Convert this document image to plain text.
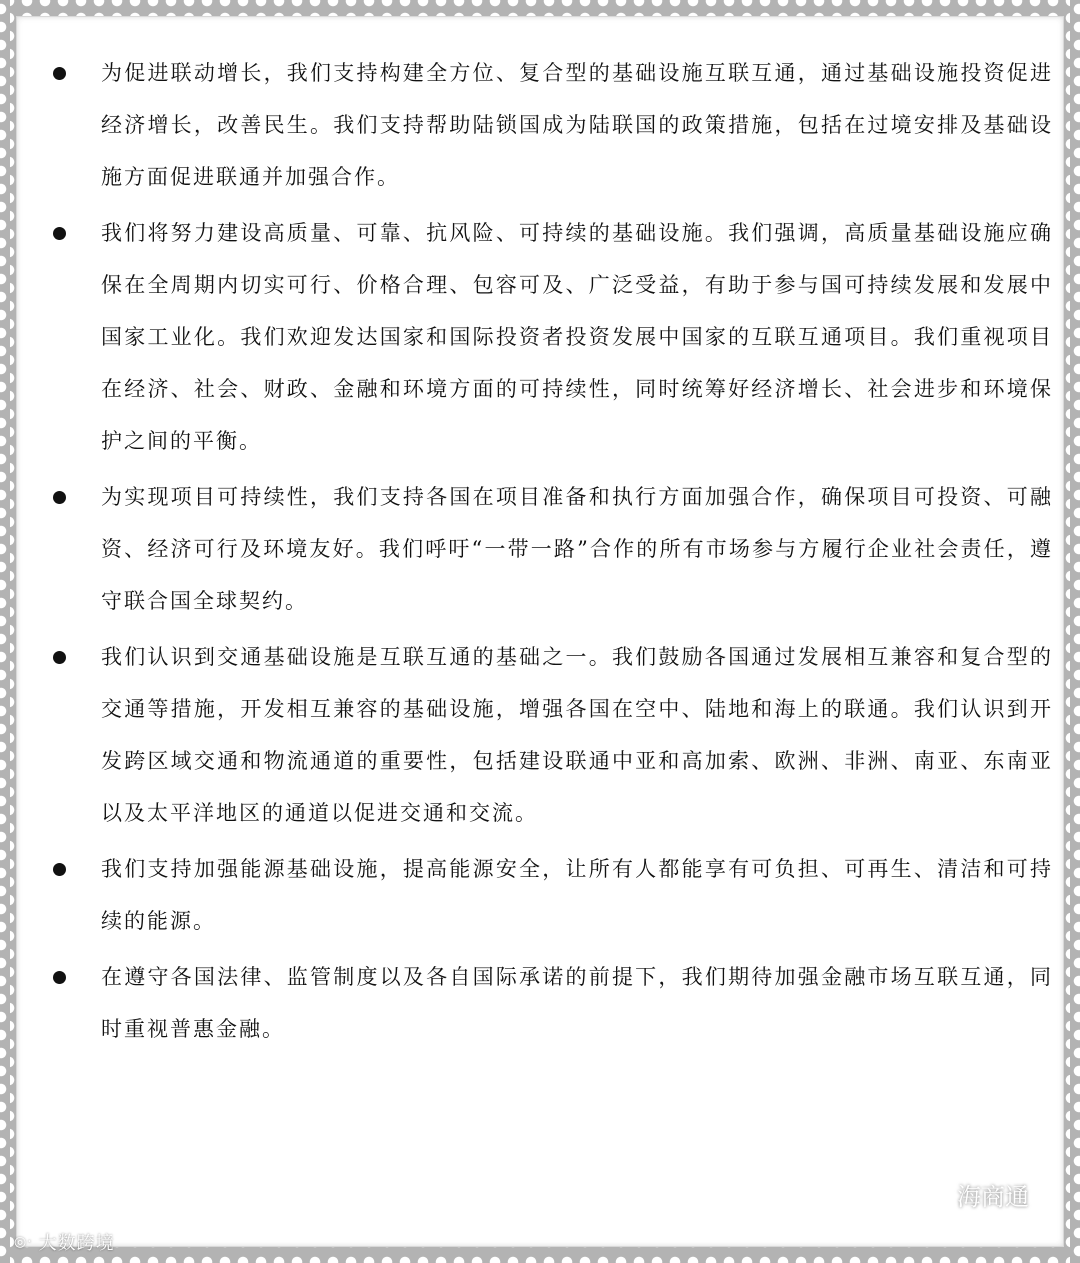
为促进联动增长，我们支持构建全方位、复合型的基础设施互联互通，通过基础设施投资促进经济增长，改善民生。我们支持帮助陆锁国成为陆联国的政策措施，包括在过境安排及基础设施方面促进联通并加强合作。
我们将努力建设高质量、可靠、抗风险、可持续的基础设施。我们强调，高质量基础设施应确保在全周期内切实可行、价格合理、包容可及、广泛受益，有助于参与国可持续发展和发展中国家工业化。我们欢迎发达国家和国际投资者投资发展中国家的互联互通项目。我们重视项目在经济、社会、财政、金融和环境方面的可持续性，同时统筹好经济增长、社会进步和环境保护之间的平衡。
为实现项目可持续性，我们支持各国在项目准备和执行方面加强合作，确保项目可投资、可融资、经济可行及环境友好。我们呼吁“一带一路”合作的所有市场参与方履行企业社会责任，遵守联合国全球契约。
我们认识到交通基础设施是互联互通的基础之一。我们鼓励各国通过发展相互兼容和复合型的交通等措施，开发相互兼容的基础设施，增强各国在空中、陆地和海上的联通。我们认识到开发跨区域交通和物流通道的重要性，包括建设联通中亚和高加索、欧洲、非洲、南亚、东南亚以及太平洋地区的通道以促进交通和交流。
我们支持加强能源基础设施，提高能源安全，让所有人都能享有可负担、可再生、清洁和可持续的能源。
在遵守各国法律、监管制度以及各自国际承诺的前提下，我们期待加强金融市场互联互通，同时重视普惠金融。
海商通
◎· 大数跨境
